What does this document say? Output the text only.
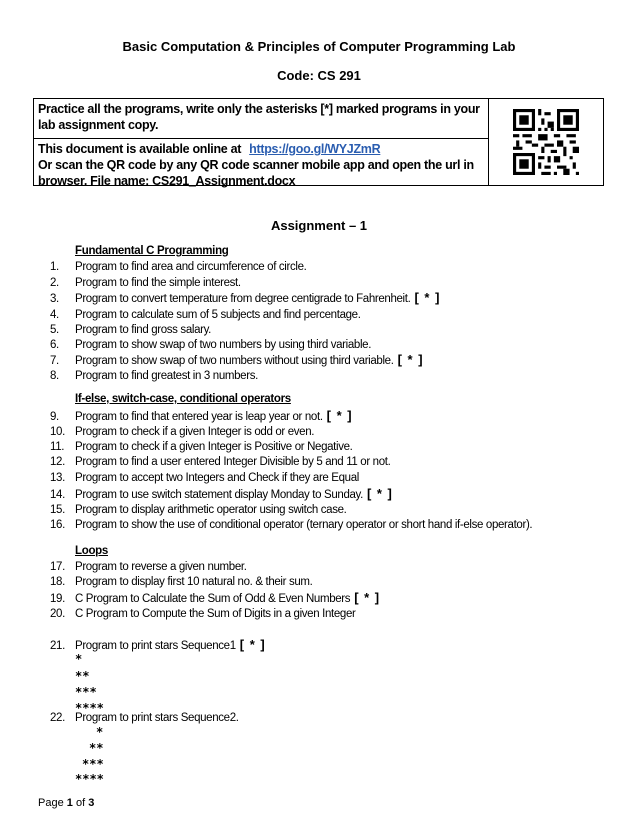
Basic Computation & Principles of Computer Programming Lab
Code: CS 291
Practice all the programs, write only the asterisks [*] marked programs in your lab assignment copy.
This document is available online at https://goo.gl/WYJZmR
Or scan the QR code by any QR code scanner mobile app and open the url in browser. File name: CS291_Assignment.docx
Assignment – 1
Fundamental C Programming
If-else, switch-case, conditional operators
Loops
1. Program to find area and circumference of circle.
2. Program to find the simple interest.
3. Program to convert temperature from degree centigrade to Fahrenheit. [ * ]
4. Program to calculate sum of 5 subjects and find percentage.
5. Program to find gross salary.
6. Program to show swap of two numbers by using third variable.
7. Program to show swap of two numbers without using third variable. [ * ]
8. Program to find greatest in 3 numbers.
9. Program to find that entered year is leap year or not. [ * ]
10. Program to check if a given Integer is odd or even.
11. Program to check if a given Integer is Positive or Negative.
12. Program to find a user entered Integer Divisible by 5 and 11 or not.
13. Program to accept two Integers and Check if they are Equal
14. Program to use switch statement display Monday to Sunday. [ * ]
15. Program to display arithmetic operator using switch case.
16. Program to show the use of conditional operator (ternary operator or short hand if-else operator).
17. Program to reverse a given number.
18. Program to display first 10 natural no. & their sum.
19. C Program to Calculate the Sum of Odd & Even Numbers [ * ]
20. C Program to Compute the Sum of Digits in a given Integer
21. Program to print stars Sequence1 [ * ]
22. Program to print stars Sequence2.
*
**
***
****
*
**
***
****
Page 1 of 3
